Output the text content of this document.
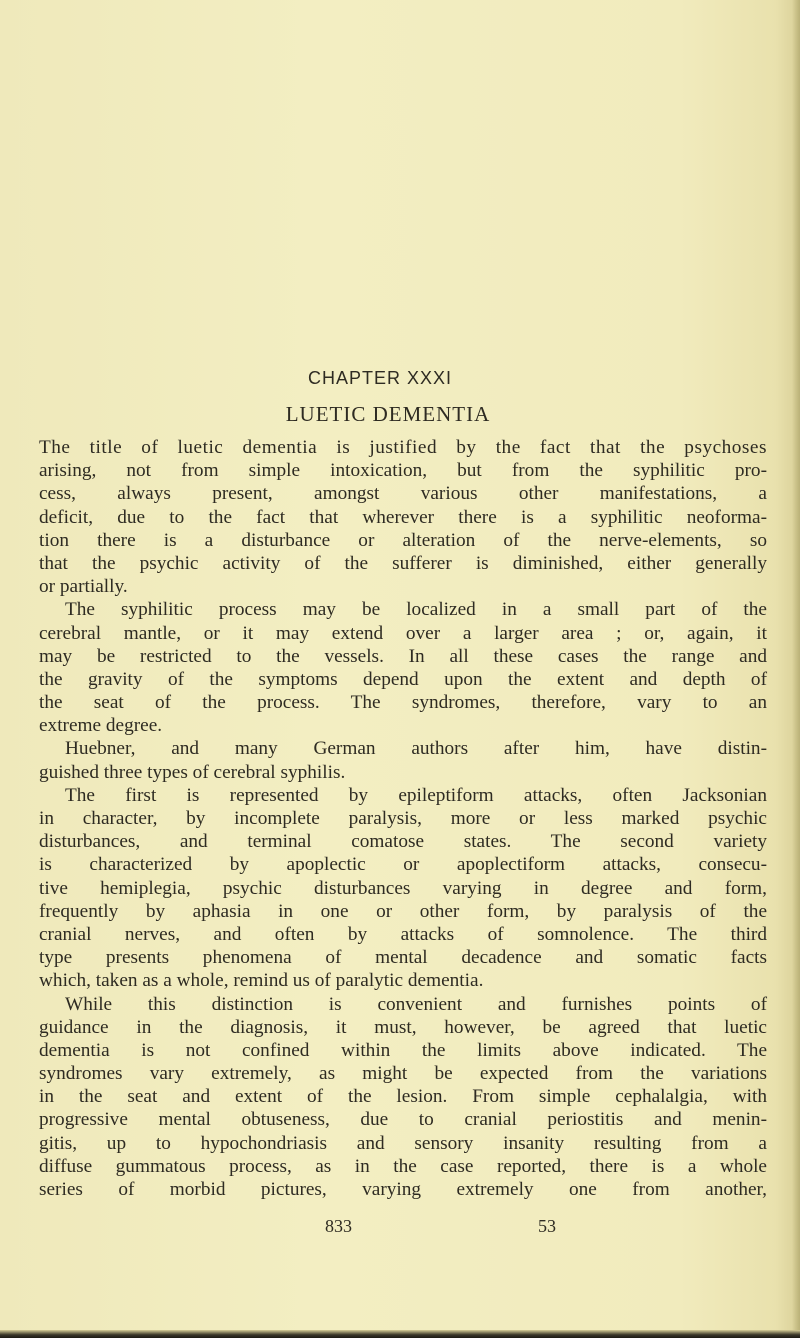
CHAPTER XXXI
LUETIC DEMENTIA
The title of luetic dementia is justified by the fact that the psychoses
arising, not from simple intoxication, but from the syphilitic pro-
cess, always present, amongst various other manifestations, a
deficit, due to the fact that wherever there is a syphilitic neoforma-
tion there is a disturbance or alteration of the nerve-elements, so
that the psychic activity of the sufferer is diminished, either generally
or partially.
The syphilitic process may be localized in a small part of the
cerebral mantle, or it may extend over a larger area ; or, again, it
may be restricted to the vessels. In all these cases the range and
the gravity of the symptoms depend upon the extent and depth of
the seat of the process. The syndromes, therefore, vary to an
extreme degree.
Huebner, and many German authors after him, have distin-
guished three types of cerebral syphilis.
The first is represented by epileptiform attacks, often Jacksonian
in character, by incomplete paralysis, more or less marked psychic
disturbances, and terminal comatose states. The second variety
is characterized by apoplectic or apoplectiform attacks, consecu-
tive hemiplegia, psychic disturbances varying in degree and form,
frequently by aphasia in one or other form, by paralysis of the
cranial nerves, and often by attacks of somnolence. The third
type presents phenomena of mental decadence and somatic facts
which, taken as a whole, remind us of paralytic dementia.
While this distinction is convenient and furnishes points of
guidance in the diagnosis, it must, however, be agreed that luetic
dementia is not confined within the limits above indicated. The
syndromes vary extremely, as might be expected from the variations
in the seat and extent of the lesion. From simple cephalalgia, with
progressive mental obtuseness, due to cranial periostitis and menin-
gitis, up to hypochondriasis and sensory insanity resulting from a
diffuse gummatous process, as in the case reported, there is a whole
series of morbid pictures, varying extremely one from another,
833	53
